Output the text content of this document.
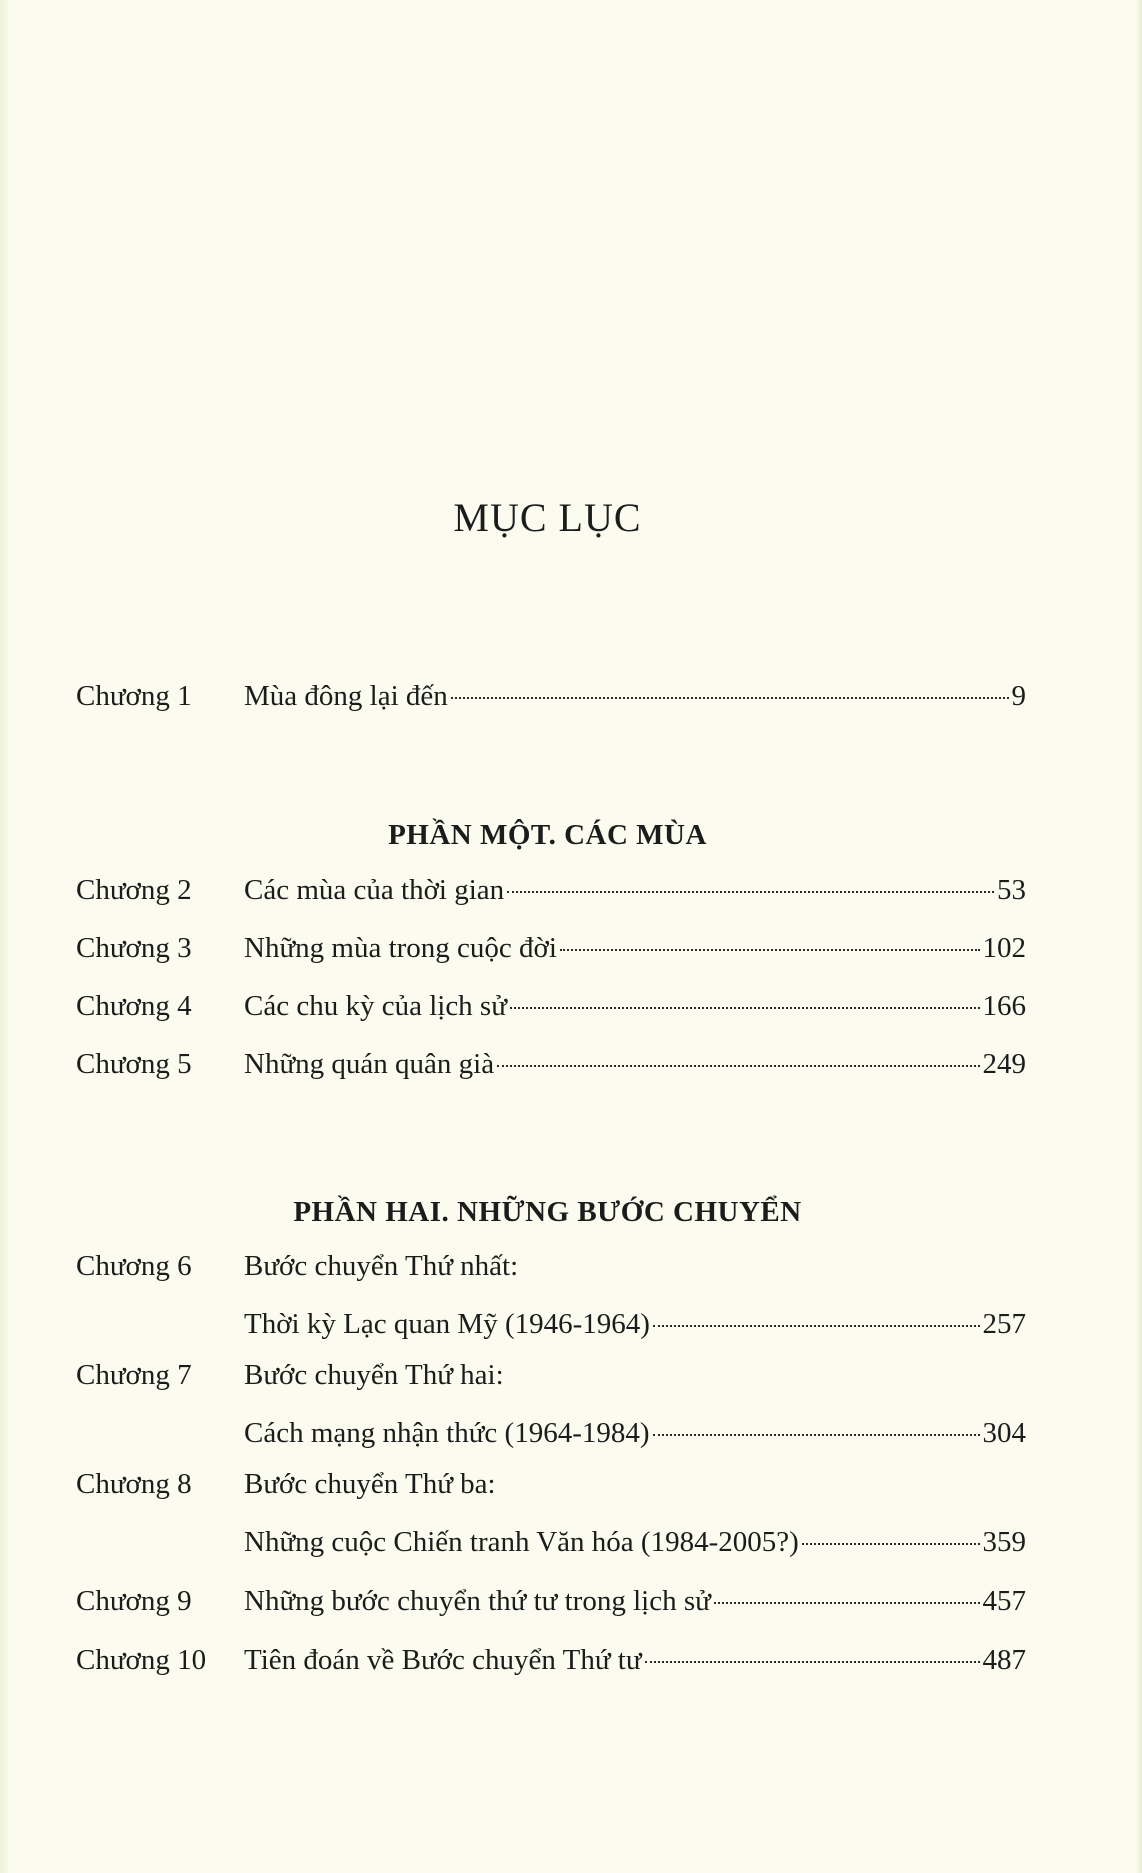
MỤC LỤC
Chương 1 Mùa đông lại đến	9
PHẦN MỘT. CÁC MÙA
Chương 2 Các mùa của thời gian	53
Chương 3 Những mùa trong cuộc đời	102
Chương 4 Các chu kỳ của lịch sử	166
Chương 5 Những quán quân già	249
PHẦN HAI. NHỮNG BƯỚC CHUYỂN
Chương 6 Bước chuyển Thứ nhất:
Thời kỳ Lạc quan Mỹ (1946-1964)	257
Chương 7 Bước chuyển Thứ hai:
Cách mạng nhận thức (1964-1984)	304
Chương 8 Bước chuyển Thứ ba:
Những cuộc Chiến tranh Văn hóa (1984-2005?)	359
Chương 9 Những bước chuyển thứ tư trong lịch sử	457
Chương 10 Tiên đoán về Bước chuyển Thứ tư	487
